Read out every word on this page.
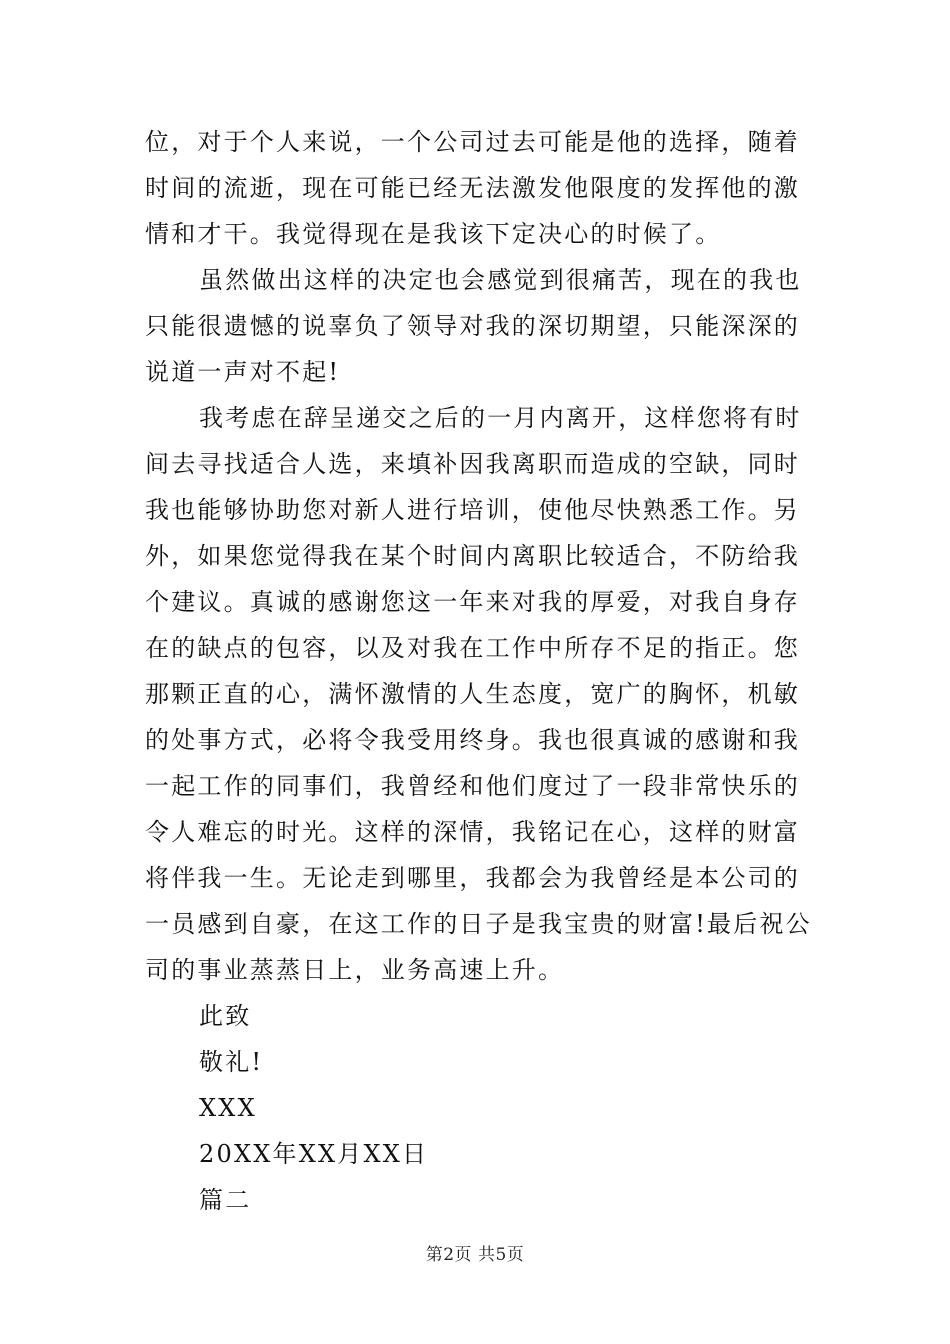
位，对于个人来说，一个公司过去可能是他的选择，随着
时间的流逝，现在可能已经无法激发他限度的发挥他的激
情和才干。我觉得现在是我该下定决心的时候了。
虽然做出这样的决定也会感觉到很痛苦，现在的我也
只能很遗憾的说辜负了领导对我的深切期望，只能深深的
说道一声对不起!
我考虑在辞呈递交之后的一月内离开，这样您将有时
间去寻找适合人选，来填补因我离职而造成的空缺，同时
我也能够协助您对新人进行培训，使他尽快熟悉工作。另
外，如果您觉得我在某个时间内离职比较适合，不防给我
个建议。真诚的感谢您这一年来对我的厚爱，对我自身存
在的缺点的包容，以及对我在工作中所存不足的指正。您
那颗正直的心，满怀激情的人生态度，宽广的胸怀，机敏
的处事方式，必将令我受用终身。我也很真诚的感谢和我
一起工作的同事们，我曾经和他们度过了一段非常快乐的
令人难忘的时光。这样的深情，我铭记在心，这样的财富
将伴我一生。无论走到哪里，我都会为我曾经是本公司的
一员感到自豪，在这工作的日子是我宝贵的财富!最后祝公
司的事业蒸蒸日上，业务高速上升。
此致
敬礼!
XXX
20XX年XX月XX日
篇二
第2页 共5页
